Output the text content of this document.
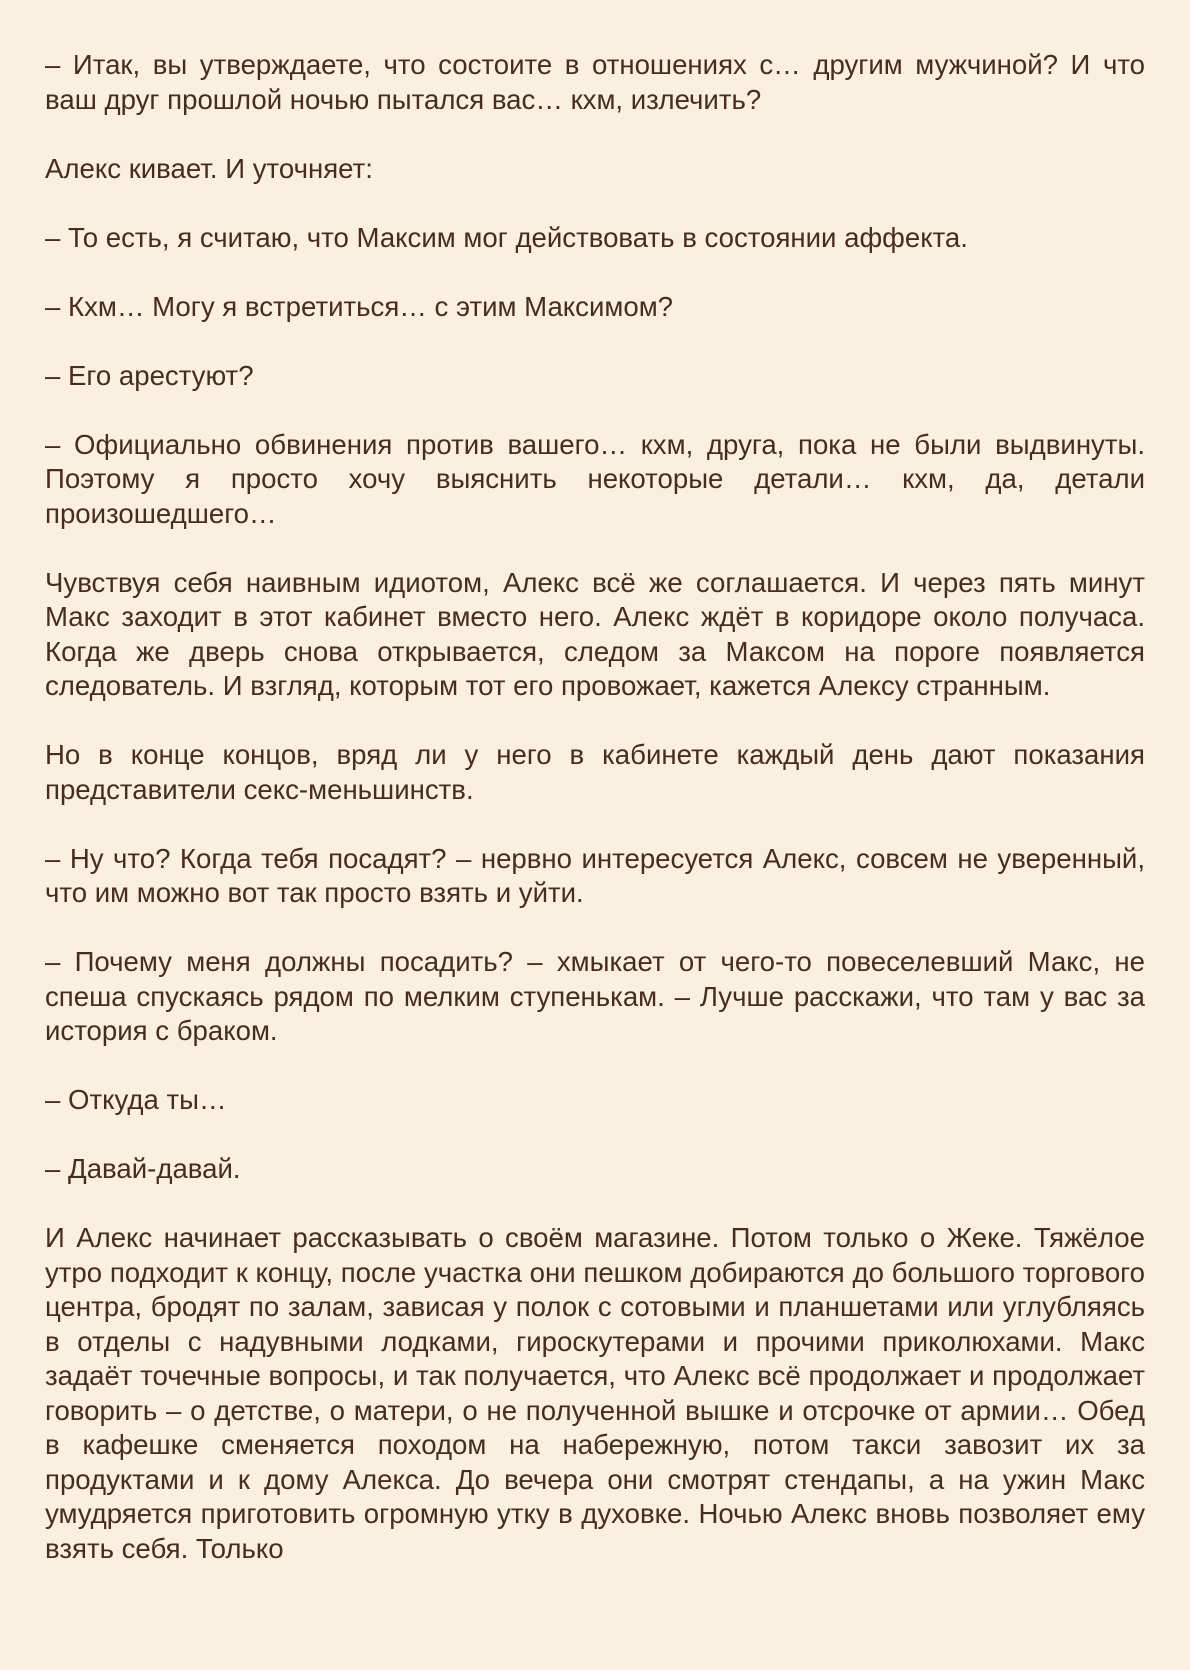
– Итак, вы утверждаете, что состоите в отношениях с… другим мужчиной? И что ваш друг прошлой ночью пытался вас… кхм, излечить?

Алекс кивает. И уточняет:

– То есть, я считаю, что Максим мог действовать в состоянии аффекта.

– Кхм… Могу я встретиться… с этим Максимом?

– Его арестуют?

– Официально обвинения против вашего… кхм, друга, пока не были выдвинуты. Поэтому я просто хочу выяснить некоторые детали… кхм, да, детали произошедшего…

Чувствуя себя наивным идиотом, Алекс всё же соглашается. И через пять минут Макс заходит в этот кабинет вместо него. Алекс ждёт в коридоре около получаса. Когда же дверь снова открывается, следом за Максом на пороге появляется следователь. И взгляд, которым тот его провожает, кажется Алексу странным.

Но в конце концов, вряд ли у него в кабинете каждый день дают показания представители секс-меньшинств.

– Ну что? Когда тебя посадят? – нервно интересуется Алекс, совсем не уверенный, что им можно вот так просто взять и уйти.

– Почему меня должны посадить? – хмыкает от чего-то повеселевший Макс, не спеша спускаясь рядом по мелким ступенькам. – Лучше расскажи, что там у вас за история с браком.

– Откуда ты…

– Давай-давай.

И Алекс начинает рассказывать о своём магазине. Потом только о Жеке. Тяжёлое утро подходит к концу, после участка они пешком добираются до большого торгового центра, бродят по залам, зависая у полок с сотовыми и планшетами или углубляясь в отделы с надувными лодками, гироскутерами и прочими приколюхами. Макс задаёт точечные вопросы, и так получается, что Алекс всё продолжает и продолжает говорить – о детстве, о матери, о не полученной вышке и отсрочке от армии… Обед в кафешке сменяется походом на набережную, потом такси завозит их за продуктами и к дому Алекса. До вечера они смотрят стендапы, а на ужин Макс умудряется приготовить огромную утку в духовке. Ночью Алекс вновь позволяет ему взять себя. Только
